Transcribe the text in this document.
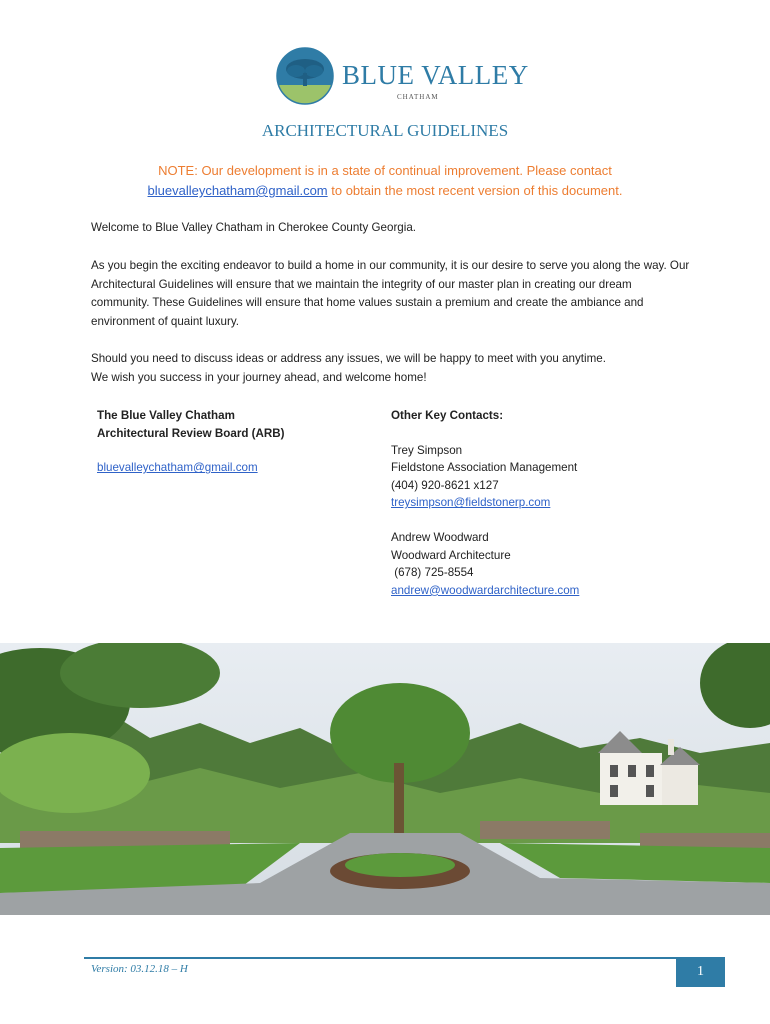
BLUE VALLEY
CHATHAM
ARCHITECTURAL GUIDELINES
NOTE: Our development is in a state of continual improvement. Please contact
bluevalleychatham@gmail.com to obtain the most recent version of this document.

Welcome to Blue Valley Chatham in Cherokee County Georgia.

As you begin the exciting endeavor to build a home in our community, it is our desire to serve you along the way. Our Architectural Guidelines will ensure that we maintain the integrity of our master plan in creating our dream community. These Guidelines will ensure that home values sustain a premium and create the ambiance and environment of quaint luxury.

Should you need to discuss ideas or address any issues, we will be happy to meet with you anytime.

We wish you success in your journey ahead, and welcome home!

The Blue Valley Chatham
Architectural Review Board (ARB)
bluevalleychatham@gmail.com
Other Key Contacts:
Trey Simpson
Fieldstone Association Management
(404) 920-8621 x127
treysimpson@fieldstonerp.com
Andrew Woodward
Woodward Architecture
(678) 725-8554
andrew@woodwardarchitecture.com
Version: 03.12.18 – H	1
